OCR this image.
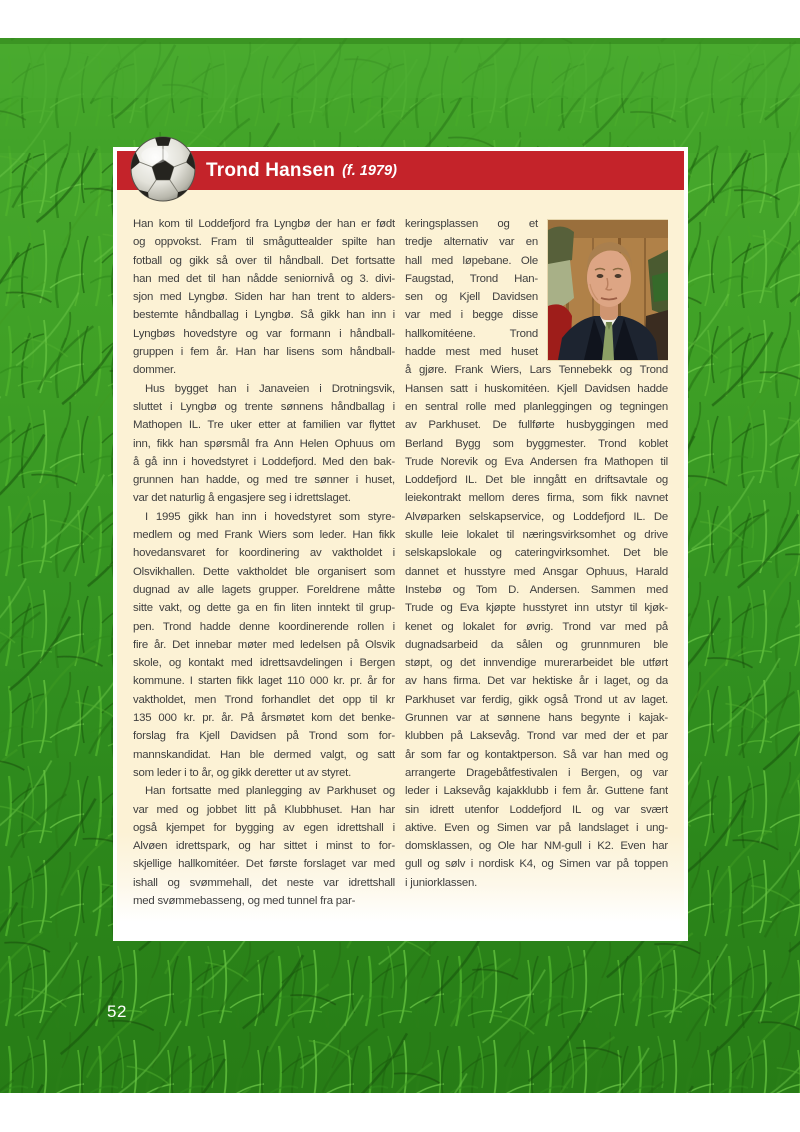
Trond Hansen (f. 1979)
Han kom til Loddefjord fra Lyngbø der han er født
og oppvokst. Fram til småguttealder spilte han
fotball og gikk så over til håndball. Det fortsatte
han med det til han nådde seniornivå og 3. divi-
sjon med Lyngbø. Siden har han trent to alders-
bestemte håndballag i Lyngbø. Så gikk han inn i
Lyngbøs hovedstyre og var formann i håndball-
gruppen i fem år. Han har lisens som håndball-
dommer.
Hus bygget han i Janaveien i Drotningsvik,
sluttet i Lyngbø og trente sønnens håndballag i
Mathopen IL. Tre uker etter at familien var flyttet
inn, fikk han spørsmål fra Ann Helen Ophuus om
å gå inn i hovedstyret i Loddefjord. Med den bak-
grunnen han hadde, og med tre sønner i huset,
var det naturlig å engasjere seg i idrettslaget.
I 1995 gikk han inn i hovedstyret som styre-
medlem og med Frank Wiers som leder. Han fikk
hovedansvaret for koordinering av vaktholdet i
Olsvikhallen. Dette vaktholdet ble organisert som
dugnad av alle lagets grupper. Foreldrene måtte
sitte vakt, og dette ga en fin liten inntekt til grup-
pen. Trond hadde denne koordinerende rollen i
fire år. Det innebar møter med ledelsen på Olsvik
skole, og kontakt med idrettsavdelingen i Bergen
kommune. I starten fikk laget 110 000 kr. pr. år for
vaktholdet, men Trond forhandlet det opp til kr
135 000 kr. pr. år. På årsmøtet kom det benke-
forslag fra Kjell Davidsen på Trond som for-
mannskandidat. Han ble dermed valgt, og satt
som leder i to år, og gikk deretter ut av styret.
Han fortsatte med planlegging av Parkhuset og
var med og jobbet litt på Klubbhuset. Han har
også kjempet for bygging av egen idrettshall i
Alvøen idrettspark, og har sittet i minst to for-
skjellige hallkomitéer. Det første forslaget var med
ishall og svømmehall, det neste var idrettshall
med svømmebasseng, og med tunnel fra par-
keringsplassen og et
tredje alternativ var en
hall med løpebane. Ole
Faugstad, Trond Han-
sen og Kjell Davidsen
var med i begge disse
hallkomitéene. Trond
hadde mest med huset
å gjøre. Frank Wiers, Lars Tennebekk og Trond
Hansen satt i huskomitéen. Kjell Davidsen hadde
en sentral rolle med planleggingen og tegningen
av Parkhuset. De fullførte husbyggingen med
Berland Bygg som byggmester. Trond koblet
Trude Norevik og Eva Andersen fra Mathopen til
Loddefjord IL. Det ble inngått en driftsavtale og
leiekontrakt mellom deres firma, som fikk navnet
Alvøparken selskapservice, og Loddefjord IL. De
skulle leie lokalet til næringsvirksomhet og drive
selskapslokale og cateringvirksomhet. Det ble
dannet et husstyre med Ansgar Ophuus, Harald
Instebø og Tom D. Andersen. Sammen med
Trude og Eva kjøpte husstyret inn utstyr til kjøk-
kenet og lokalet for øvrig. Trond var med på
dugnadsarbeid da sålen og grunnmuren ble
støpt, og det innvendige murerarbeidet ble utført
av hans firma. Det var hektiske år i laget, og da
Parkhuset var ferdig, gikk også Trond ut av laget.
Grunnen var at sønnene hans begynte i kajak-
klubben på Laksevåg. Trond var med der et par
år som far og kontaktperson. Så var han med og
arrangerte Dragebåtfestivalen i Bergen, og var
leder i Laksevåg kajakklubb i fem år. Guttene fant
sin idrett utenfor Loddefjord IL og var svært
aktive. Even og Simen var på landslaget i ung-
domsklassen, og Ole har NM-gull i K2. Even har
gull og sølv i nordisk K4, og Simen var på toppen
i juniorklassen.
52
